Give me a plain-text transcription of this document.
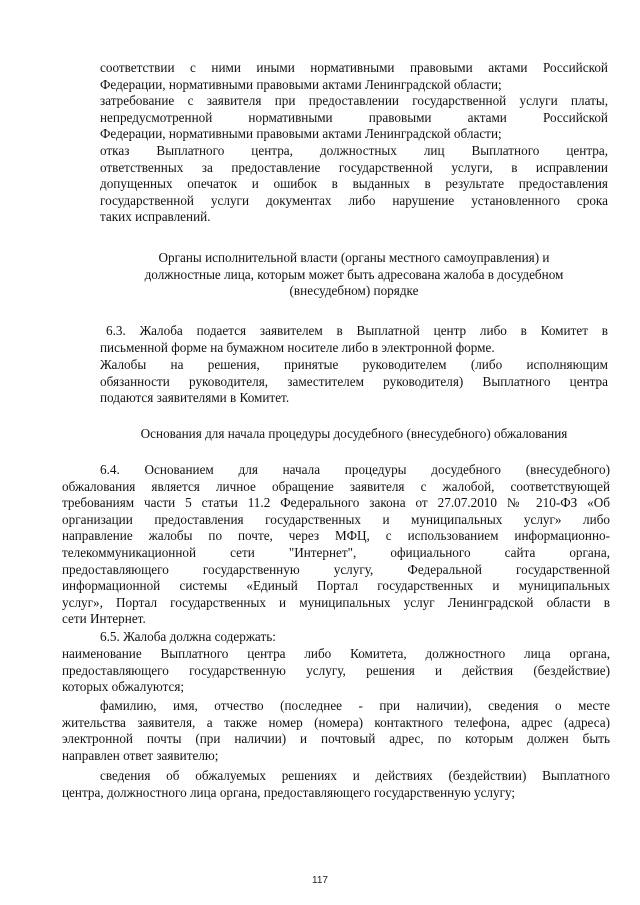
соответствии с ними иными нормативными правовыми актами Российской
Федерации, нормативными правовыми актами Ленинградской области;
затребование с заявителя при предоставлении государственной услуги платы,
непредусмотренной нормативными правовыми актами Российской
Федерации, нормативными правовыми актами Ленинградской области;
отказ Выплатного центра, должностных лиц Выплатного центра,
ответственных за предоставление государственной услуги, в исправлении
допущенных опечаток и ошибок в выданных в результате предоставления
государственной услуги документах либо нарушение установленного срока
таких исправлений.
Органы исполнительной власти (органы местного самоуправления) и
должностные лица, которым может быть адресована жалоба в досудебном
(внесудебном) порядке
6.3. Жалоба подается заявителем в Выплатной центр либо в Комитет в
письменной форме на бумажном носителе либо в электронной форме.
Жалобы на решения, принятые руководителем (либо исполняющим
обязанности руководителя, заместителем руководителя) Выплатного центра
подаются заявителями в Комитет.
Основания для начала процедуры досудебного (внесудебного) обжалования
6.4. Основанием для начала процедуры досудебного (внесудебного)
обжалования является личное обращение заявителя с жалобой, соответствующей
требованиям части 5 статьи 11.2 Федерального закона от 27.07.2010 № 210-ФЗ «Об
организации предоставления государственных и муниципальных услуг» либо
направление жалобы по почте, через МФЦ, с использованием информационно-
телекоммуникационной сети "Интернет", официального сайта органа,
предоставляющего государственную услугу, Федеральной государственной
информационной системы «Единый Портал государственных и муниципальных
услуг», Портал государственных и муниципальных услуг Ленинградской области в
сети Интернет.
6.5. Жалоба должна содержать:
наименование Выплатного центра либо Комитета, должностного лица органа,
предоставляющего государственную услугу, решения и действия (бездействие)
которых обжалуются;
фамилию, имя, отчество (последнее - при наличии), сведения о месте
жительства заявителя, а также номер (номера) контактного телефона, адрес (адреса)
электронной почты (при наличии) и почтовый адрес, по которым должен быть
направлен ответ заявителю;
сведения об обжалуемых решениях и действиях (бездействии) Выплатного
центра, должностного лица органа, предоставляющего государственную услугу;
117
